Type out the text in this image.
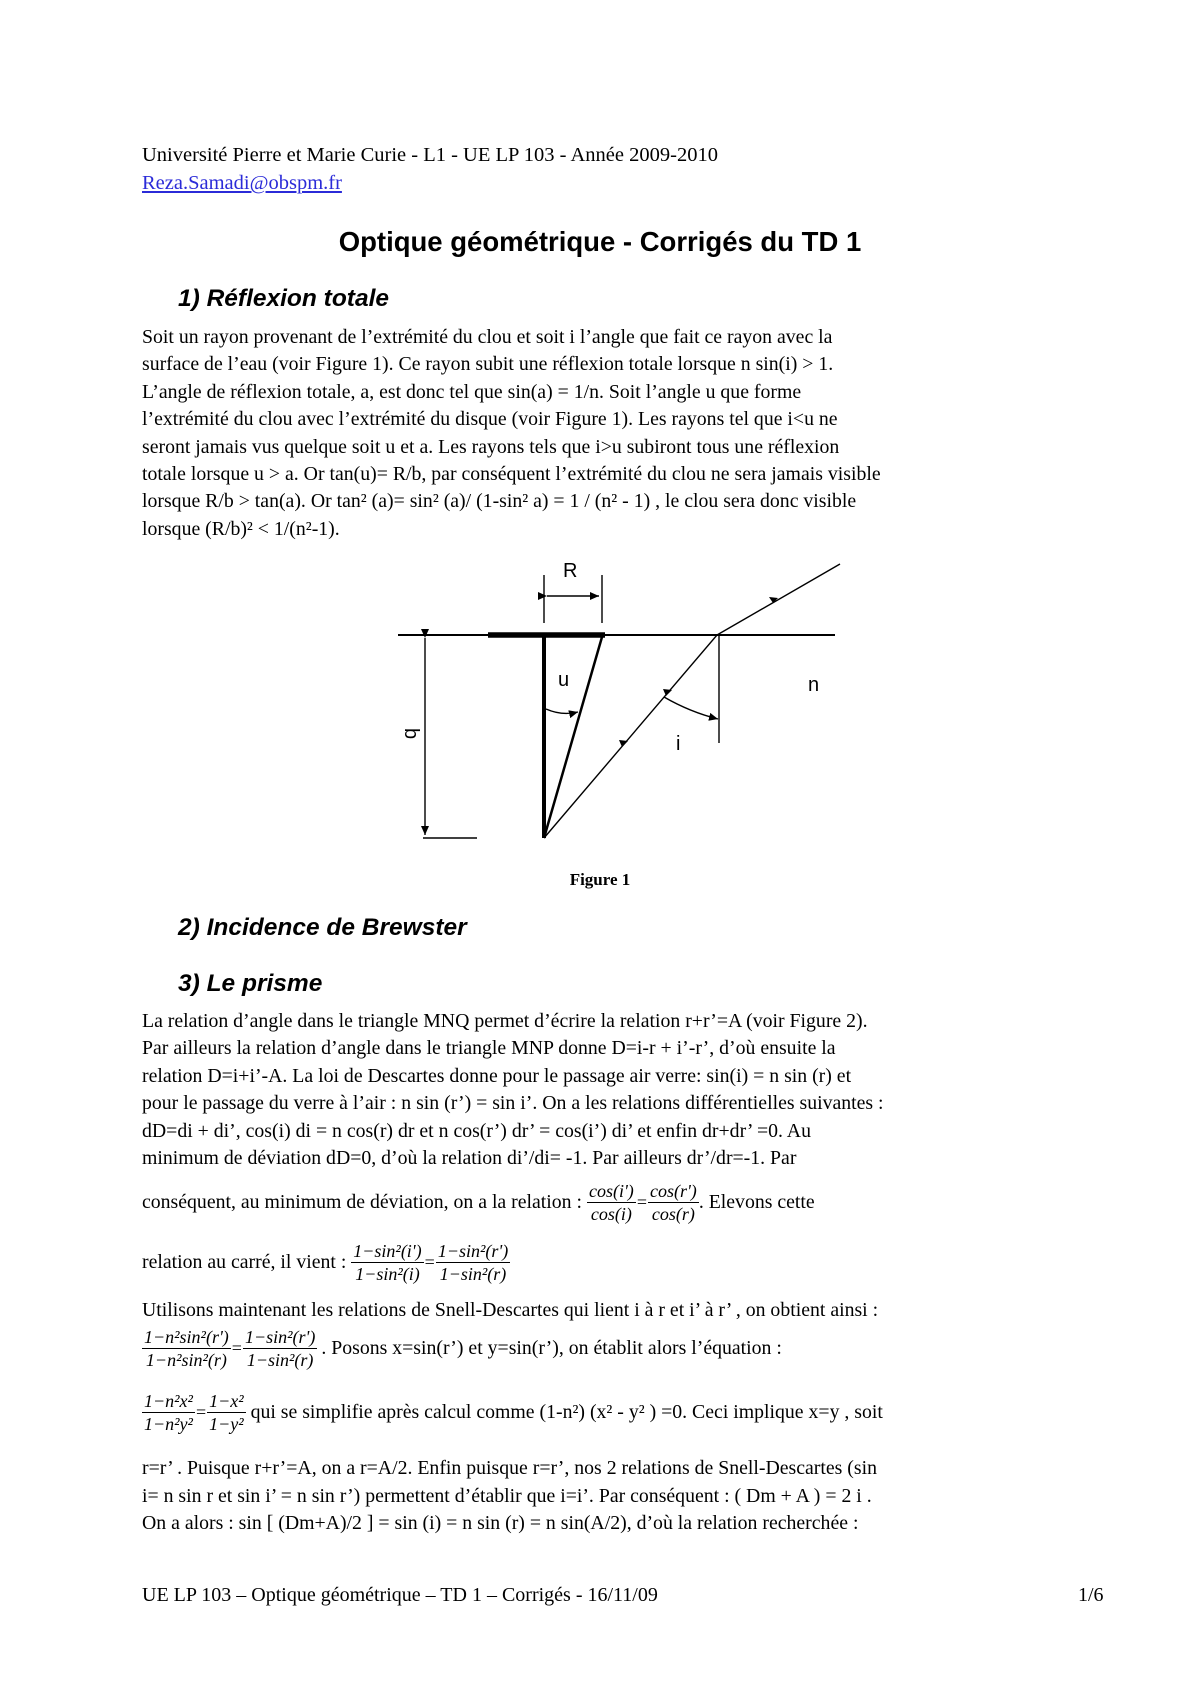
Université Pierre et Marie Curie - L1 - UE LP 103 - Année 2009-2010
Reza.Samadi@obspm.fr
Optique géométrique - Corrigés du TD 1
1) Réflexion totale
Soit un rayon provenant de l’extrémité du clou et soit i l’angle que fait ce rayon avec la
surface de l’eau (voir Figure 1). Ce rayon subit une réflexion totale lorsque n sin(i) > 1.
L’angle de réflexion totale, a, est donc tel que sin(a) = 1/n. Soit l’angle u que forme
l’extrémité du clou avec l’extrémité du disque (voir Figure 1). Les rayons tel que i<u ne
seront jamais vus quelque soit u et a. Les rayons tels que i>u subiront tous une réflexion
totale lorsque u > a. Or tan(u)= R/b, par conséquent l’extrémité du clou ne sera jamais visible
lorsque R/b > tan(a). Or tan² (a)= sin² (a)/ (1-sin² a) = 1 / (n² - 1) , le clou sera donc visible
lorsque (R/b)² < 1/(n²-1).
R
u	n
i
b
Figure 1
2) Incidence de Brewster
3) Le prisme
La relation d’angle dans le triangle MNQ permet d’écrire la relation r+r’=A (voir Figure 2).
Par ailleurs la relation d’angle dans le triangle MNP donne D=i-r + i’-r’, d’où ensuite la
relation D=i+i’-A. La loi de Descartes donne pour le passage air verre: sin(i) = n sin (r) et
pour le passage du verre à l’air : n sin (r’) = sin i’. On a les relations différentielles suivantes :
dD=di + di’, cos(i) di = n cos(r) dr et n cos(r’) dr’ = cos(i’) di’ et enfin dr+dr’ =0. Au
minimum de déviation dD=0, d’où la relation di’/di= -1. Par ailleurs dr’/dr=-1. Par
conséquent, au minimum de déviation, on a la relation : $\frac{\cos(i')}{\cos(i)} = \frac{\cos(r')}{\cos(r)}$ . Elevons cette
relation au carré, il vient : $\frac{\text{1−sin²(i')}}{\text{1−sin²(i)}} = \frac{\text{1−sin²(r')}}{\text{1−sin²(r)}}$
Utilisons maintenant les relations de Snell-Descartes qui lient i à r et i’ à r’ , on obtient ainsi :
$\frac{\text{1−n²sin²(r')}}{\text{1−n²sin²(r)}} = \frac{\text{1−sin²(r')}}{\text{1−sin²(r)}}$ . Posons x=sin(r’) et y=sin(r’), on établit alors l’équation :
$\frac{\text{1−n²x²}}{\text{1−n²y²}} = \frac{\text{1−x²}}{\text{1−y²}}$ qui se simplifie après calcul comme (1-n²) (x² - y² ) =0. Ceci implique x=y , soit
r=r’ . Puisque r+r’=A, on a r=A/2. Enfin puisque r=r’, nos 2 relations de Snell-Descartes (sin
i= n sin r et sin i’ = n sin r’) permettent d’établir que i=i’. Par conséquent : ( Dm + A ) = 2 i .
On a alors : sin [ (Dm+A)/2 ] = sin (i) = n sin (r) = n sin(A/2), d’où la relation recherchée :
UE LP 103 – Optique géométrique – TD 1 – Corrigés - 16/11/09	1/6
